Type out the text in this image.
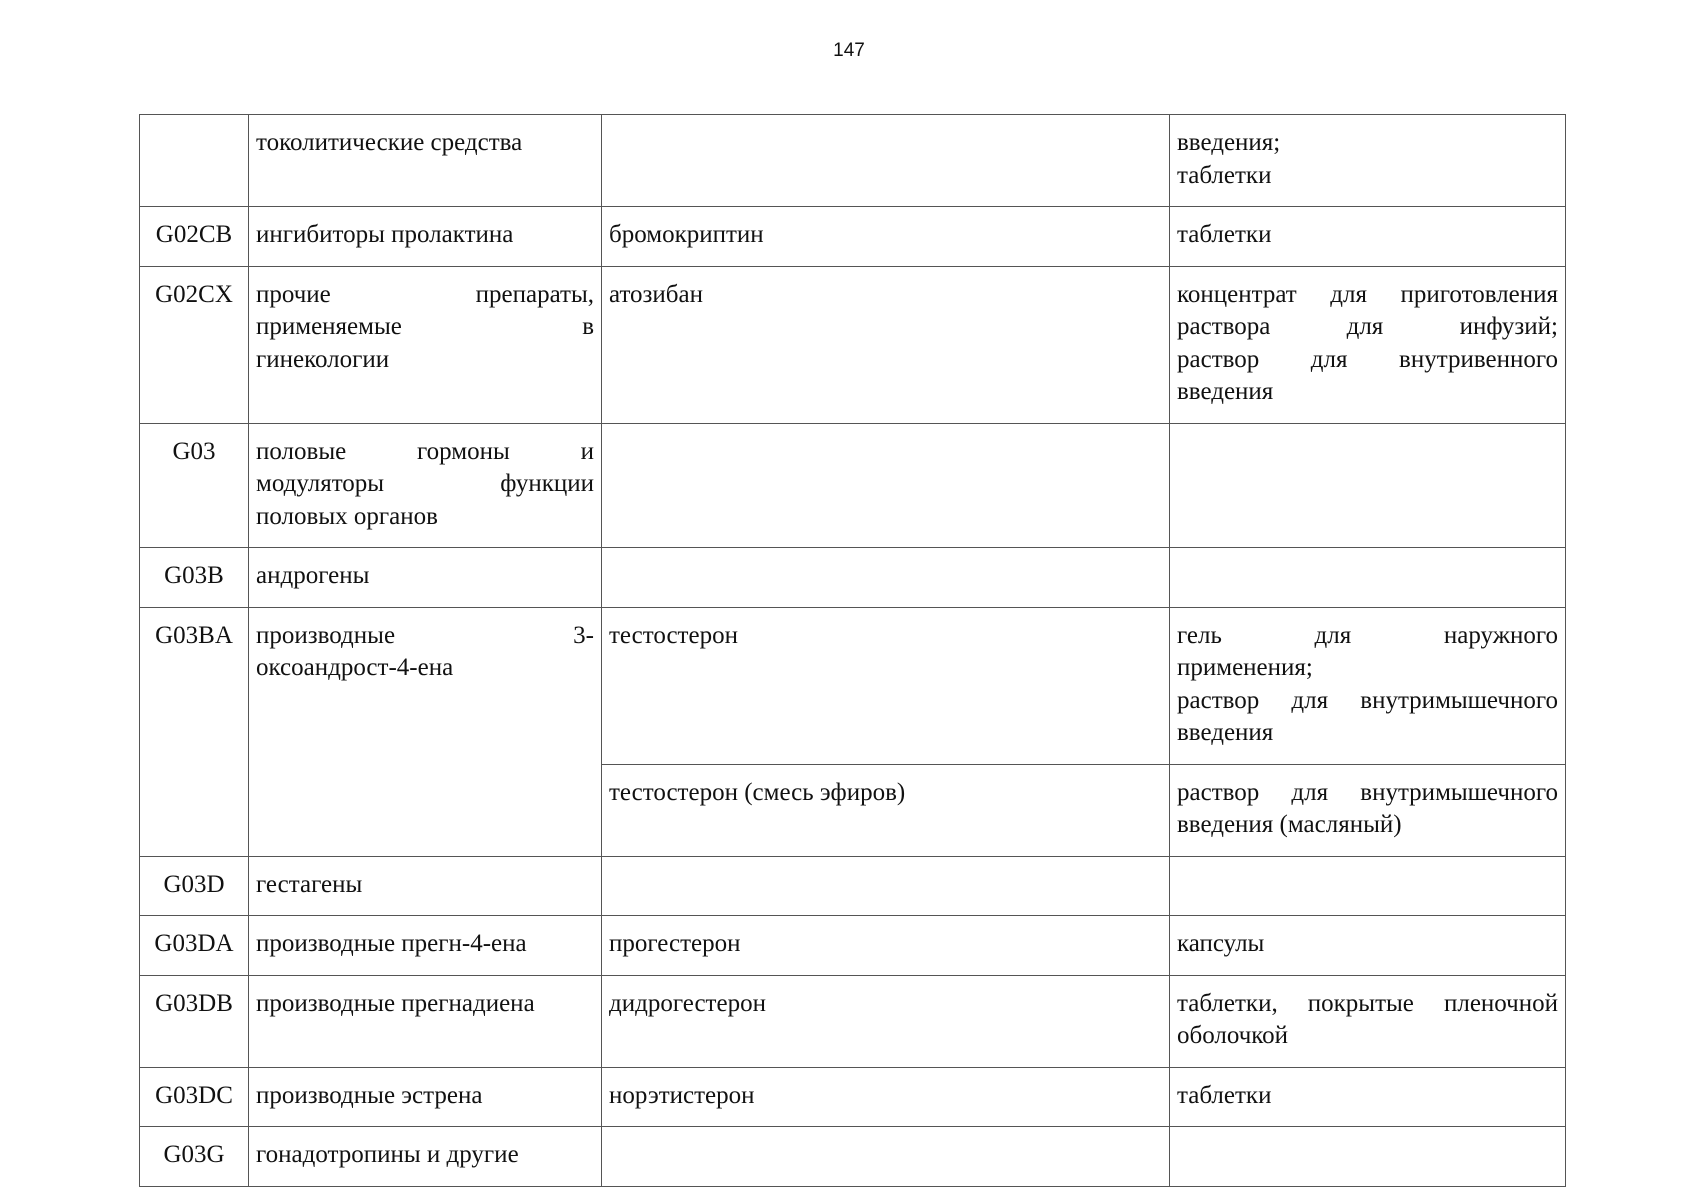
147

	токолитические средства		введения;
таблетки

G02CB	ингибиторы пролактина	бромокриптин	таблетки

G02CX	прочие препараты,
применяемые в
гинекологии	атозибан	концентрат для приготовления
раствора для инфузий;
раствор для внутривенного
введения

G03	половые гормоны и
модуляторы функции
половых органов		

G03B	андрогены		

G03BA	производные 3-
оксоандрост-4-ена	тестостерон	гель для наружного
применения;
раствор для внутримышечного
введения

		тестостерон (смесь эфиров)	раствор для внутримышечного
введения (масляный)

G03D	гестагены		

G03DA	производные прегн-4-ена	прогестерон	капсулы

G03DB	производные прегнадиена	дидрогестерон	таблетки, покрытые пленочной
оболочкой

G03DC	производные эстрена	норэтистерон	таблетки

G03G	гонадотропины и другие		
